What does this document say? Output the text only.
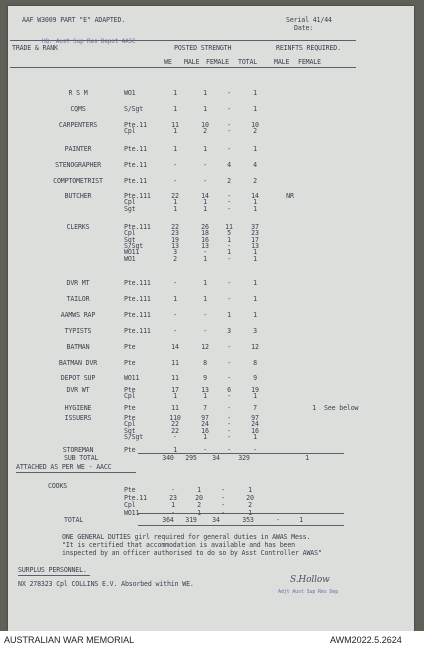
AAF W3009 PART "E" ADAPTED.	Serial 41/44
Date:
HQ. Aust Sup Res Depot AASC
TRADE & RANK	POSTED STRENGTH	REINFTS REQUIRED.
WE MALE FEMALE TOTAL	MALE FEMALE
R S M	WO1	1	1	-	1
CQMS	S/Sgt	1	1	-	1
CARPENTERS	Pte.11	11	10	-	10
Cpl	1	2	-	2
PAINTER	Pte.11	1	1	-	1
STENOGRAPHER	Pte.11	-	-	4	4
COMPTOMETRIST	Pte.11	-	-	2	2
BUTCHER	Pte.111	22	14	-	14	NR
Cpl	1	1	-	1
Sgt	1	1	-	1
CLERKS	Pte.111	22	26	11	37
Cpl	23	18	5	23
Sgt	19	16	1	17
S/Sgt	13	13	-	13
WO11	3	-	1	1
WO1	2	1	-	1
DVR MT	Pte.111	-	1	-	1
TAILOR	Pte.111	1	1	-	1
AAMWS RAP	Pte.111	-	-	1	1
TYPISTS	Pte.111	-	-	3	3
BATMAN	Pte	14	12	-	12
BATMAN DVR	Pte	11	8	-	8
DEPOT SUP	WO11	11	9	-	9
DVR WT	Pte	17	13	6	19
Cpl	1	1	-	1
HYGIENE	Pte	11	7	-	7	1	See below
ISSUERS	Pte	110	97	-	97
Cpl	22	24	-	24
Sgt	22	16	-	16
S/Sgt	-	1	-	1
STOREMAN	Pte	1	-	-	-
SUB TOTAL	340	295	34	329	1
ATTACHED AS PER WE - AACC
COOKS	Pte	-	1	-	1
Pte.11	23	20	-	20
Cpl	1	2	-	2
WO11	-	1	-	1
TOTAL	364	319	34	353	-	1
ONE GENERAL DUTIES girl required for general duties in AWAS Mess.
"It is certified that accommodation is available and has been
inspected by an officer authorised to do so by Asst Controller AWAS"
SURPLUS PERSONNEL.
NX 278323 Cpl COLLINS E.V. Absorbed within WE.	S.Hollow
Adjt Aust Sup Res Dep
AUSTRALIAN WAR MEMORIAL	AWM2022.5.2624
